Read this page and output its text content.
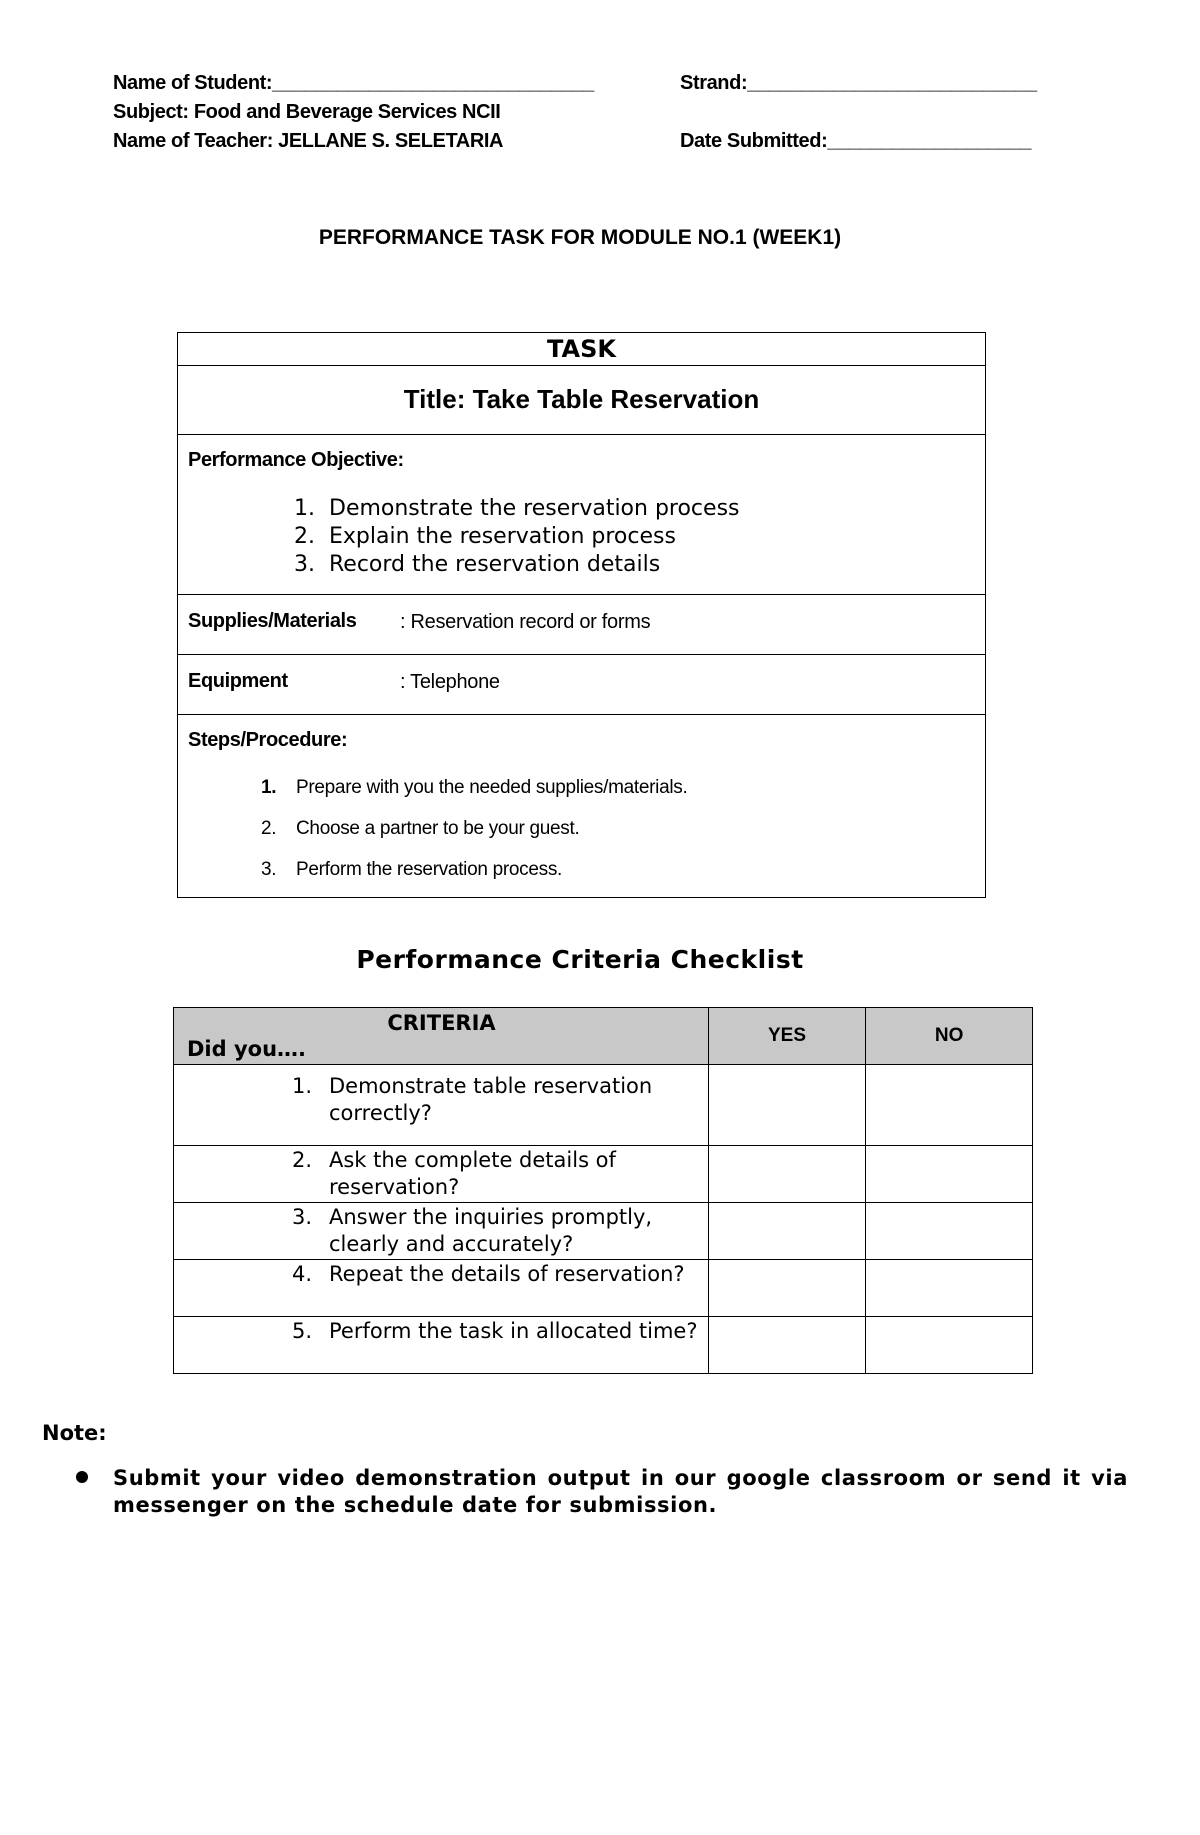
Name of Student:______________________________	Strand:___________________________
Subject: Food and Beverage Services NCII
Name of Teacher: JELLANE S. SELETARIA	Date Submitted:___________________
PERFORMANCE TASK FOR MODULE NO.1 (WEEK1)
TASK
Title: Take Table Reservation
Performance Objective:
1. Demonstrate the reservation process
2. Explain the reservation process
3. Record the reservation details
Supplies/Materials : Reservation record or forms
Equipment	: Telephone
Steps/Procedure:
1. Prepare with you the needed supplies/materials.
2. Choose a partner to be your guest.
3. Perform the reservation process.
Performance Criteria Checklist
CRITERIA
Did you….	YES	NO

1. Demonstrate table reservation correctly?		

2. Ask the complete details of reservation?		

3. Answer the inquiries promptly, clearly and accurately?		

4. Repeat the details of reservation?		

5. Perform the task in allocated time?		

Note:
Submit your video demonstration output in our google classroom or send it via messenger on the schedule date for submission.
